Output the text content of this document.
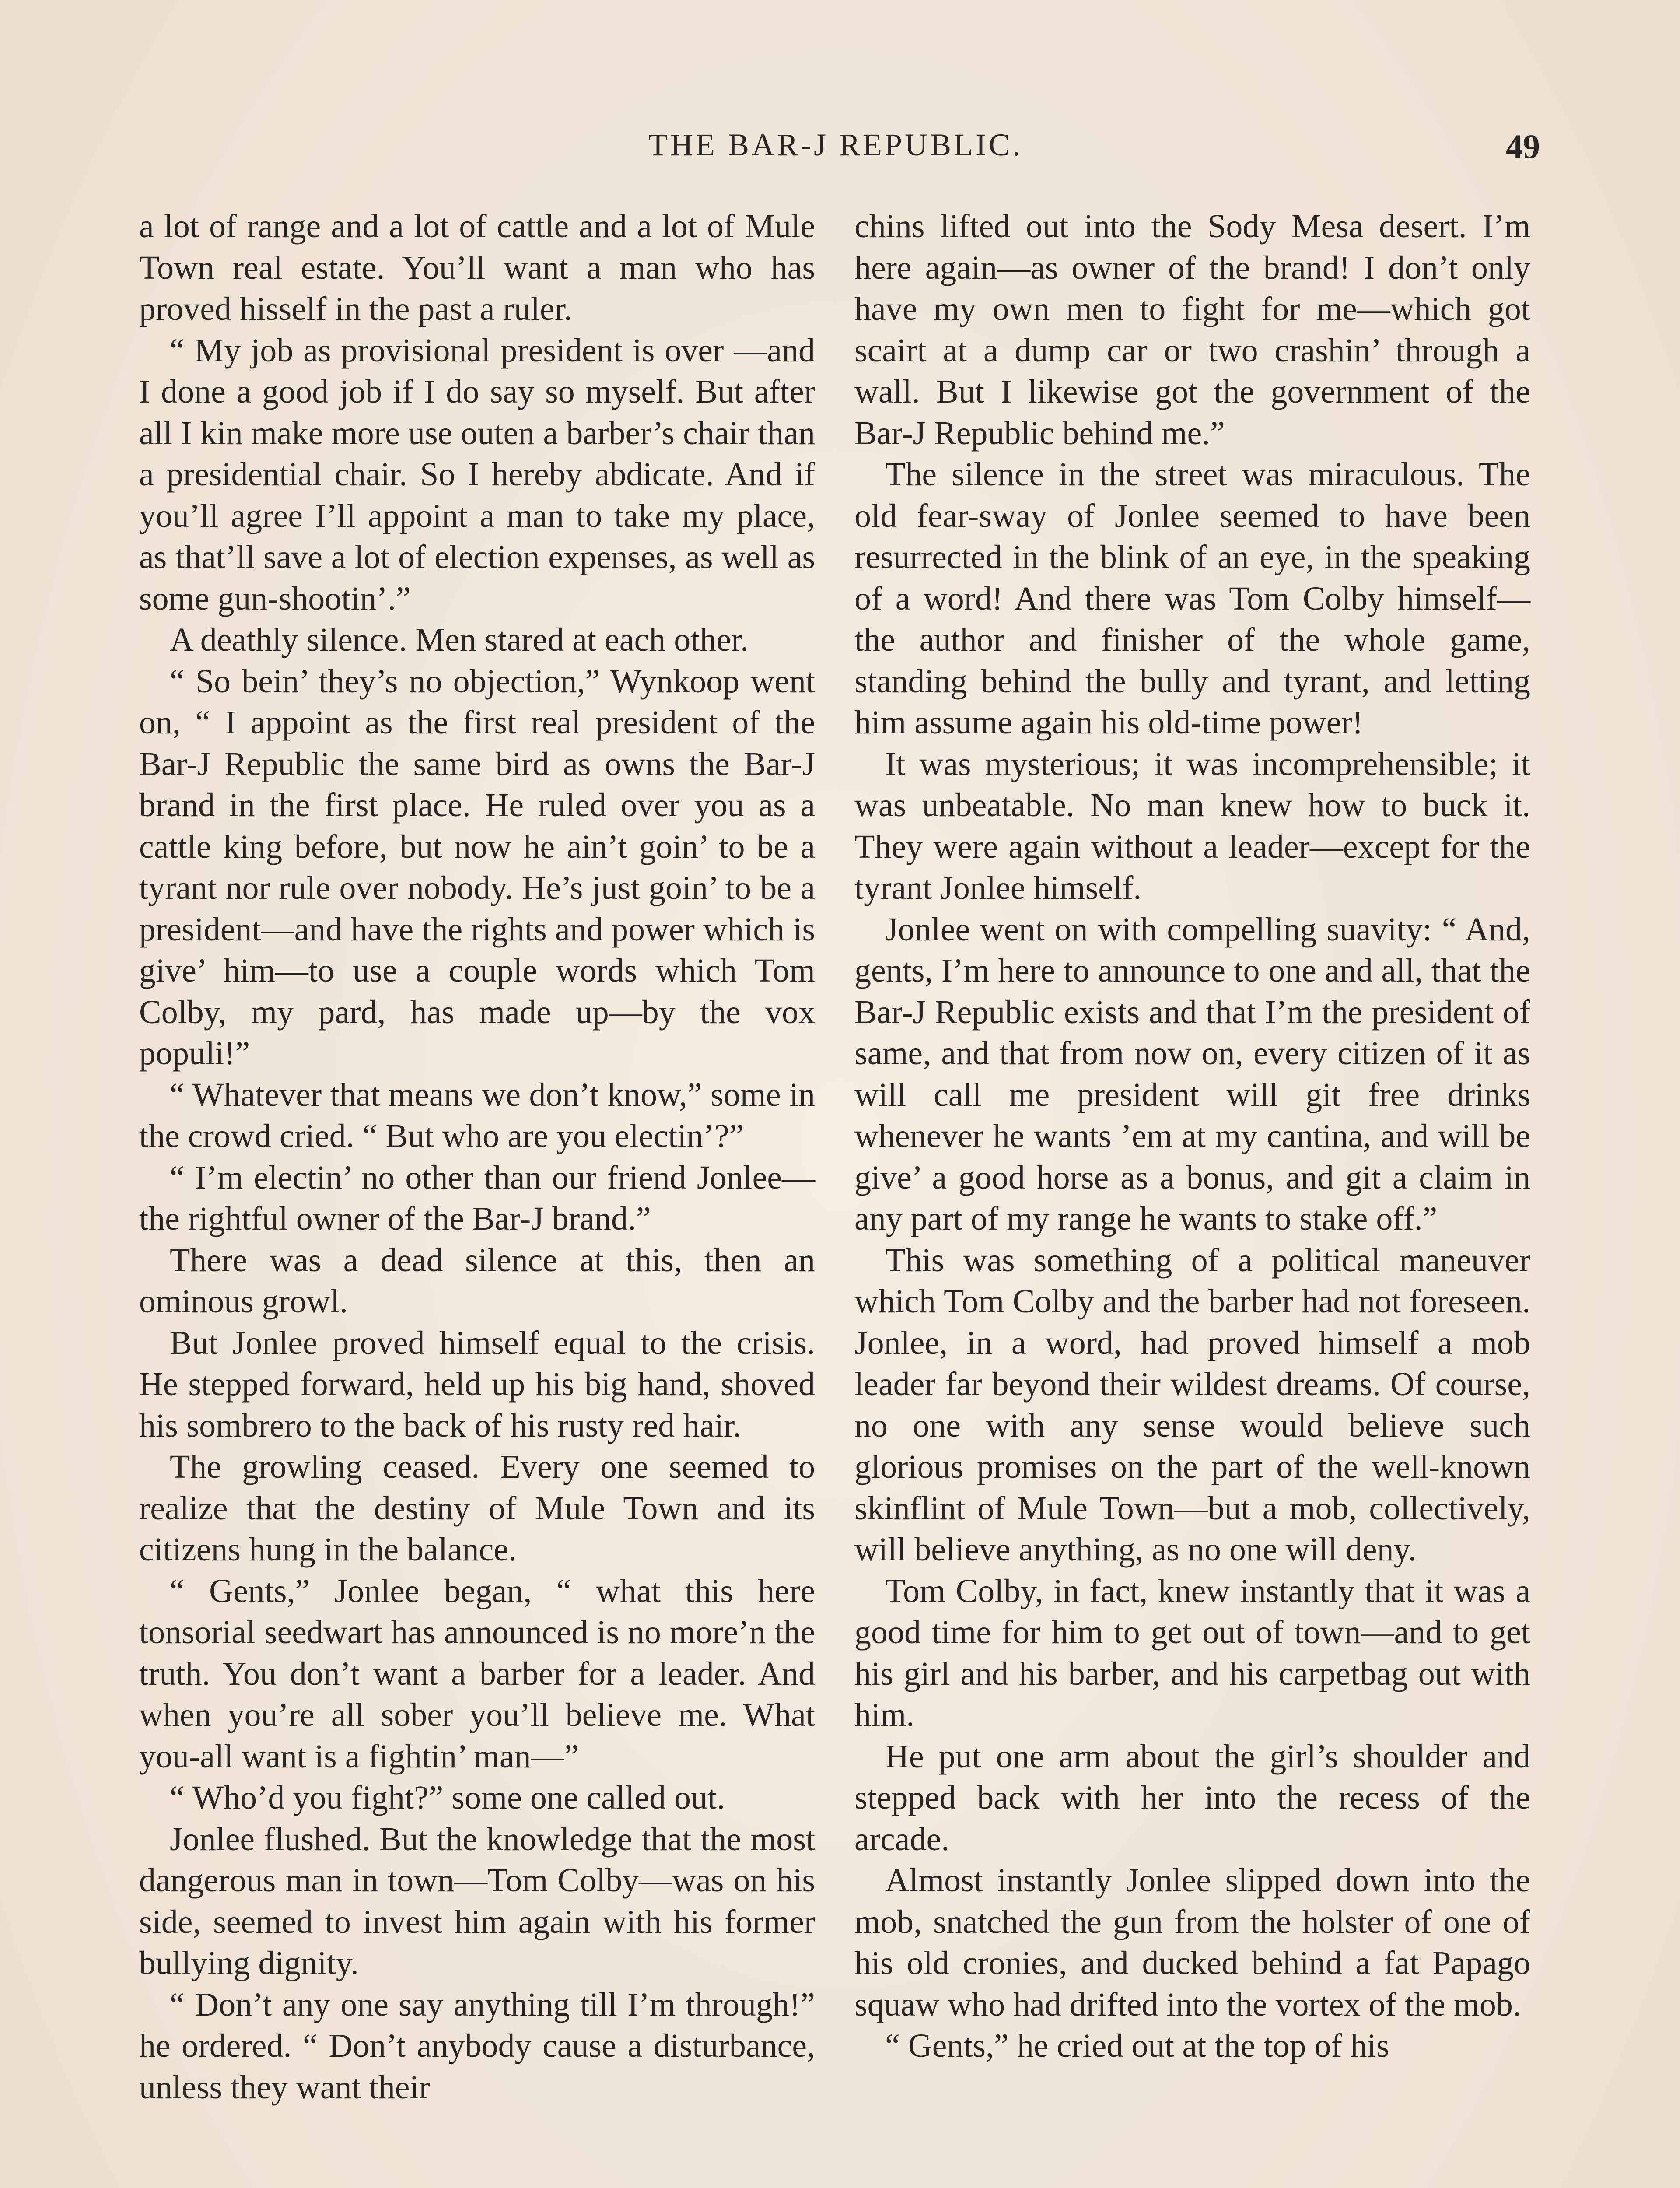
THE BAR-J REPUBLIC.	49

a lot of range and a lot of cattle and a lot of Mule Town real estate. You’ll want a man who has proved hisself in the past a ruler.

“ My job as provisional president is over —and I done a good job if I do say so myself. But after all I kin make more use outen a barber’s chair than a presidential chair. So I hereby abdicate. And if you’ll agree I’ll appoint a man to take my place, as that’ll save a lot of election expenses, as well as some gun-shootin’.”

A deathly silence. Men stared at each other.

“ So bein’ they’s no objection,” Wynkoop went on, “ I appoint as the first real president of the Bar-J Republic the same bird as owns the Bar-J brand in the first place. He ruled over you as a cattle king before, but now he ain’t goin’ to be a tyrant nor rule over nobody. He’s just goin’ to be a president—and have the rights and power which is give’ him—to use a couple words which Tom Colby, my pard, has made up—by the vox populi!”

“ Whatever that means we don’t know,” some in the crowd cried. “ But who are you electin’?”

“ I’m electin’ no other than our friend Jonlee—the rightful owner of the Bar-J brand.”

There was a dead silence at this, then an ominous growl.

But Jonlee proved himself equal to the crisis. He stepped forward, held up his big hand, shoved his sombrero to the back of his rusty red hair.

The growling ceased. Every one seemed to realize that the destiny of Mule Town and its citizens hung in the balance.

“ Gents,” Jonlee began, “ what this here tonsorial seedwart has announced is no more’n the truth. You don’t want a barber for a leader. And when you’re all sober you’ll believe me. What you-all want is a fightin’ man—”

“ Who’d you fight?” some one called out.

Jonlee flushed. But the knowledge that the most dangerous man in town—Tom Colby—was on his side, seemed to invest him again with his former bullying dignity.

“ Don’t any one say anything till I’m through!” he ordered. “ Don’t anybody cause a disturbance, unless they want their

chins lifted out into the Sody Mesa desert. I’m here again—as owner of the brand! I don’t only have my own men to fight for me—which got scairt at a dump car or two crashin’ through a wall. But I likewise got the government of the Bar-J Republic behind me.”

The silence in the street was miraculous. The old fear-sway of Jonlee seemed to have been resurrected in the blink of an eye, in the speaking of a word! And there was Tom Colby himself—the author and finisher of the whole game, standing behind the bully and tyrant, and letting him assume again his old-time power!

It was mysterious; it was incomprehensible; it was unbeatable. No man knew how to buck it. They were again without a leader—except for the tyrant Jonlee himself.

Jonlee went on with compelling suavity: “ And, gents, I’m here to announce to one and all, that the Bar-J Republic exists and that I’m the president of same, and that from now on, every citizen of it as will call me president will git free drinks whenever he wants ’em at my cantina, and will be give’ a good horse as a bonus, and git a claim in any part of my range he wants to stake off.”

This was something of a political maneuver which Tom Colby and the barber had not foreseen. Jonlee, in a word, had proved himself a mob leader far beyond their wildest dreams. Of course, no one with any sense would believe such glorious promises on the part of the well-known skinflint of Mule Town—but a mob, collectively, will believe anything, as no one will deny.

Tom Colby, in fact, knew instantly that it was a good time for him to get out of town—and to get his girl and his barber, and his carpetbag out with him.

He put one arm about the girl’s shoulder and stepped back with her into the recess of the arcade.

Almost instantly Jonlee slipped down into the mob, snatched the gun from the holster of one of his old cronies, and ducked behind a fat Papago squaw who had drifted into the vortex of the mob.

“ Gents,” he cried out at the top of his
